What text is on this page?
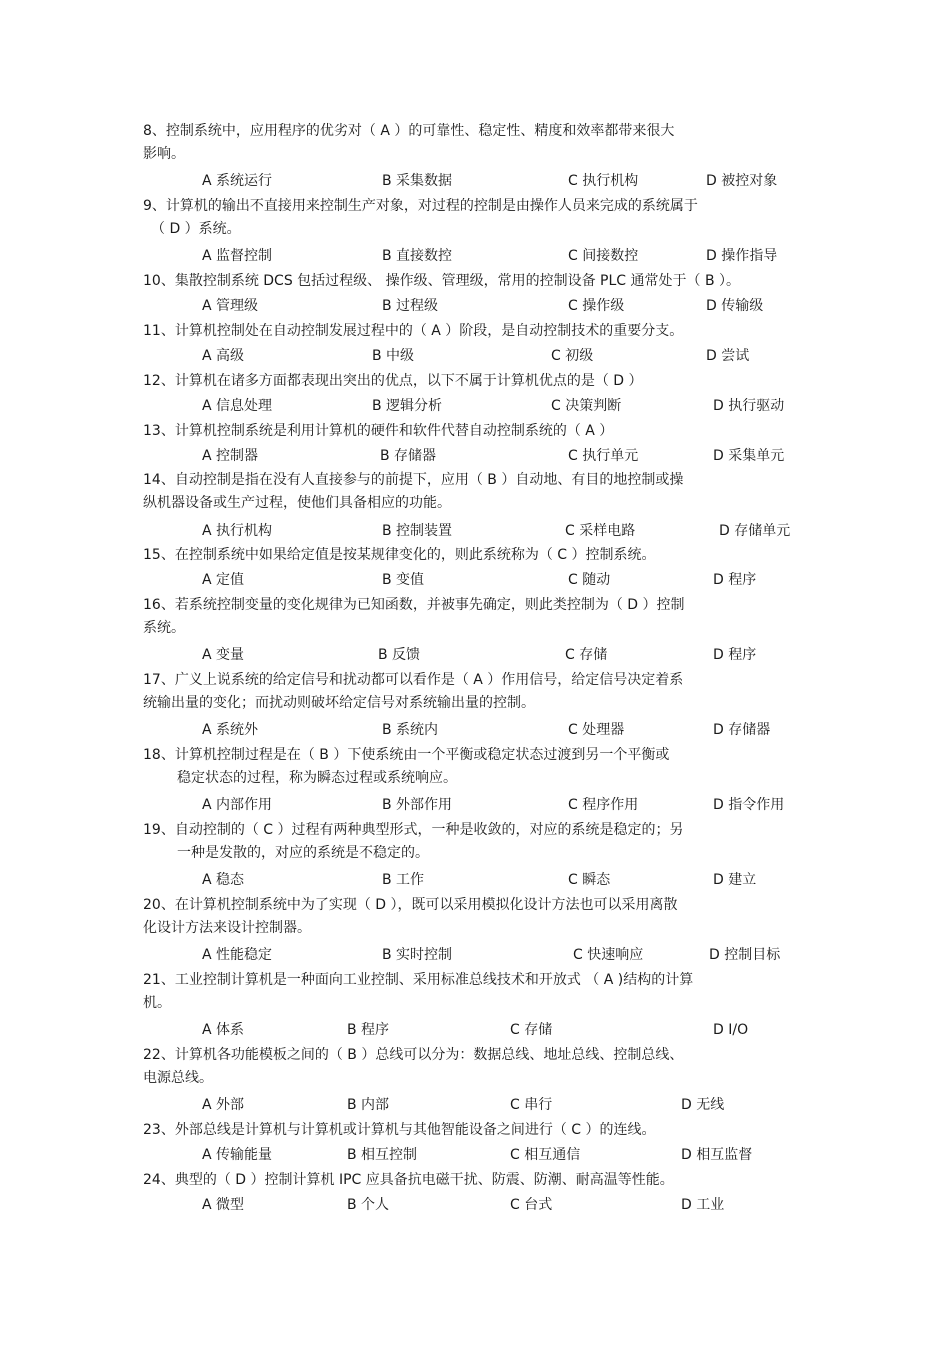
8、控制系统中，应用程序的优劣对（ A ）的可靠性、稳定性、精度和效率都带来很大
影响。
A 系统运行	B 采集数据	C 执行机构	D 被控对象
9、计算机的输出不直接用来控制生产对象，对过程的控制是由操作人员来完成的系统属于
（ D ）系统。
A 监督控制	B 直接数控	C 间接数控	D 操作指导
10、集散控制系统 DCS 包括过程级、 操作级、管理级，常用的控制设备 PLC 通常处于（ B ）。
A 管理级	B 过程级	C 操作级	D 传输级
11、计算机控制处在自动控制发展过程中的（ A ）阶段，是自动控制技术的重要分支。
A 高级	B 中级	C 初级	D 尝试
12、计算机在诸多方面都表现出突出的优点，以下不属于计算机优点的是（ D ）
A 信息处理	B 逻辑分析	C 决策判断	D 执行驱动
13、计算机控制系统是利用计算机的硬件和软件代替自动控制系统的（ A ）
A 控制器	B 存储器	C 执行单元	D 采集单元
14、自动控制是指在没有人直接参与的前提下，应用（ B ）自动地、有目的地控制或操
纵机器设备或生产过程，使他们具备相应的功能。
A 执行机构	B 控制装置	C 采样电路	D 存储单元
15、在控制系统中如果给定值是按某规律变化的，则此系统称为（ C ）控制系统。
A 定值	B 变值	C 随动	D 程序
16、若系统控制变量的变化规律为已知函数，并被事先确定，则此类控制为（ D ）控制
系统。
A 变量	B 反馈	C 存储	D 程序
17、广义上说系统的给定信号和扰动都可以看作是（ A ）作用信号，给定信号决定着系
统输出量的变化；而扰动则破坏给定信号对系统输出量的控制。
A 系统外	B 系统内	C 处理器	D 存储器
18、计算机控制过程是在（ B ）下使系统由一个平衡或稳定状态过渡到另一个平衡或
稳定状态的过程，称为瞬态过程或系统响应。
A 内部作用	B 外部作用	C 程序作用	D 指令作用
19、自动控制的（ C ）过程有两种典型形式，一种是收敛的，对应的系统是稳定的；另
一种是发散的，对应的系统是不稳定的。
A 稳态	B 工作	C 瞬态	D 建立
20、在计算机控制系统中为了实现（ D ），既可以采用模拟化设计方法也可以采用离散
化设计方法来设计控制器。
A 性能稳定	B 实时控制	C 快速响应	D 控制目标
21、工业控制计算机是一种面向工业控制、采用标准总线技术和开放式 （ A )结构的计算
机。
A 体系	B 程序	C 存储	D I/O
22、计算机各功能模板之间的（ B ）总线可以分为：数据总线、地址总线、控制总线、
电源总线。
A 外部	B 内部	C 串行	D 无线
23、外部总线是计算机与计算机或计算机与其他智能设备之间进行（ C ）的连线。
A 传输能量	B 相互控制	C 相互通信	D 相互监督
24、典型的（ D ）控制计算机 IPC 应具备抗电磁干扰、防震、防潮、耐高温等性能。
A 微型	B 个人	C 台式	D 工业
